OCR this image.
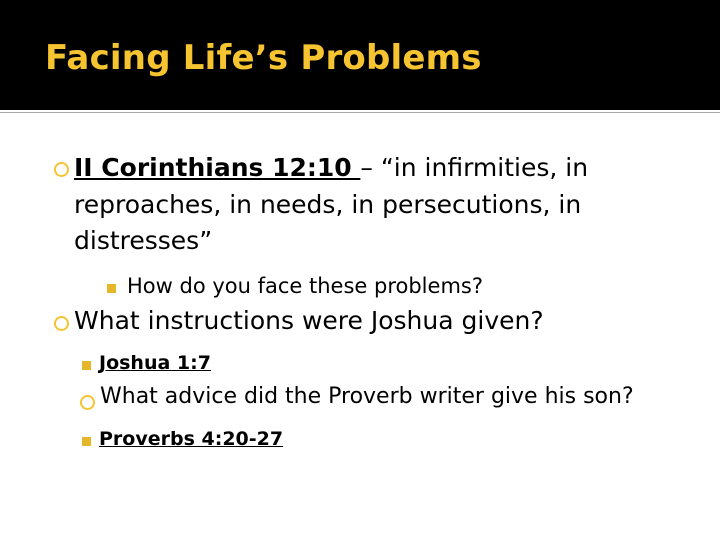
Facing Life’s Problems
II Corinthians 12:10 – “in infirmities, in
reproaches, in needs, in persecutions, in
distresses”
How do you face these problems?
What instructions were Joshua given?
Joshua 1:7
What advice did the Proverb writer give his son?
Proverbs 4:20-27
